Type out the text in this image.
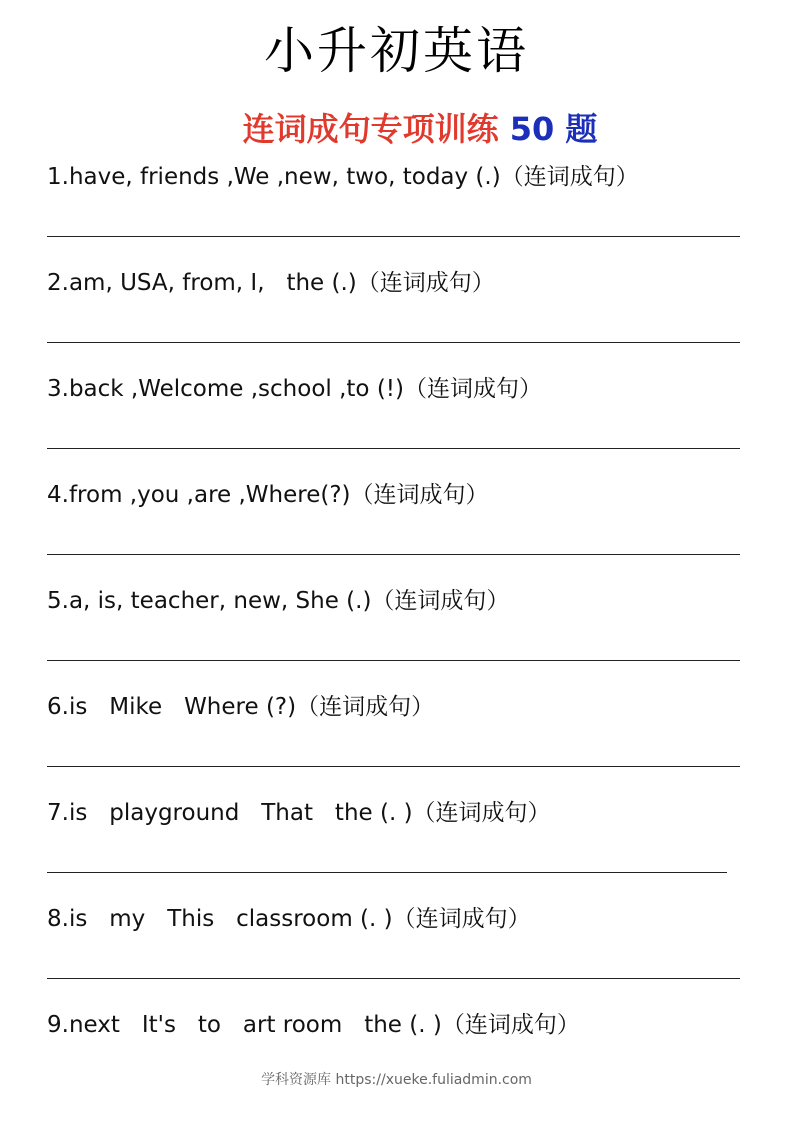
小升初英语
连词成句专项训练 50 题
1.have, friends ,We ,new, two, today (.)（连词成句）
2.am, USA, from, I,   the (.)（连词成句）
3.back ,Welcome ,school ,to (!)（连词成句）
4.from ,you ,are ,Where(?)（连词成句）
5.a, is, teacher, new, She (.)（连词成句）
6.is   Mike   Where (?)（连词成句）
7.is   playground   That   the (. )（连词成句）
8.is   my   This   classroom (. )（连词成句）
9.next   It's   to   art room   the (. )（连词成句）
学科资源库 https://xueke.fuliadmin.com
